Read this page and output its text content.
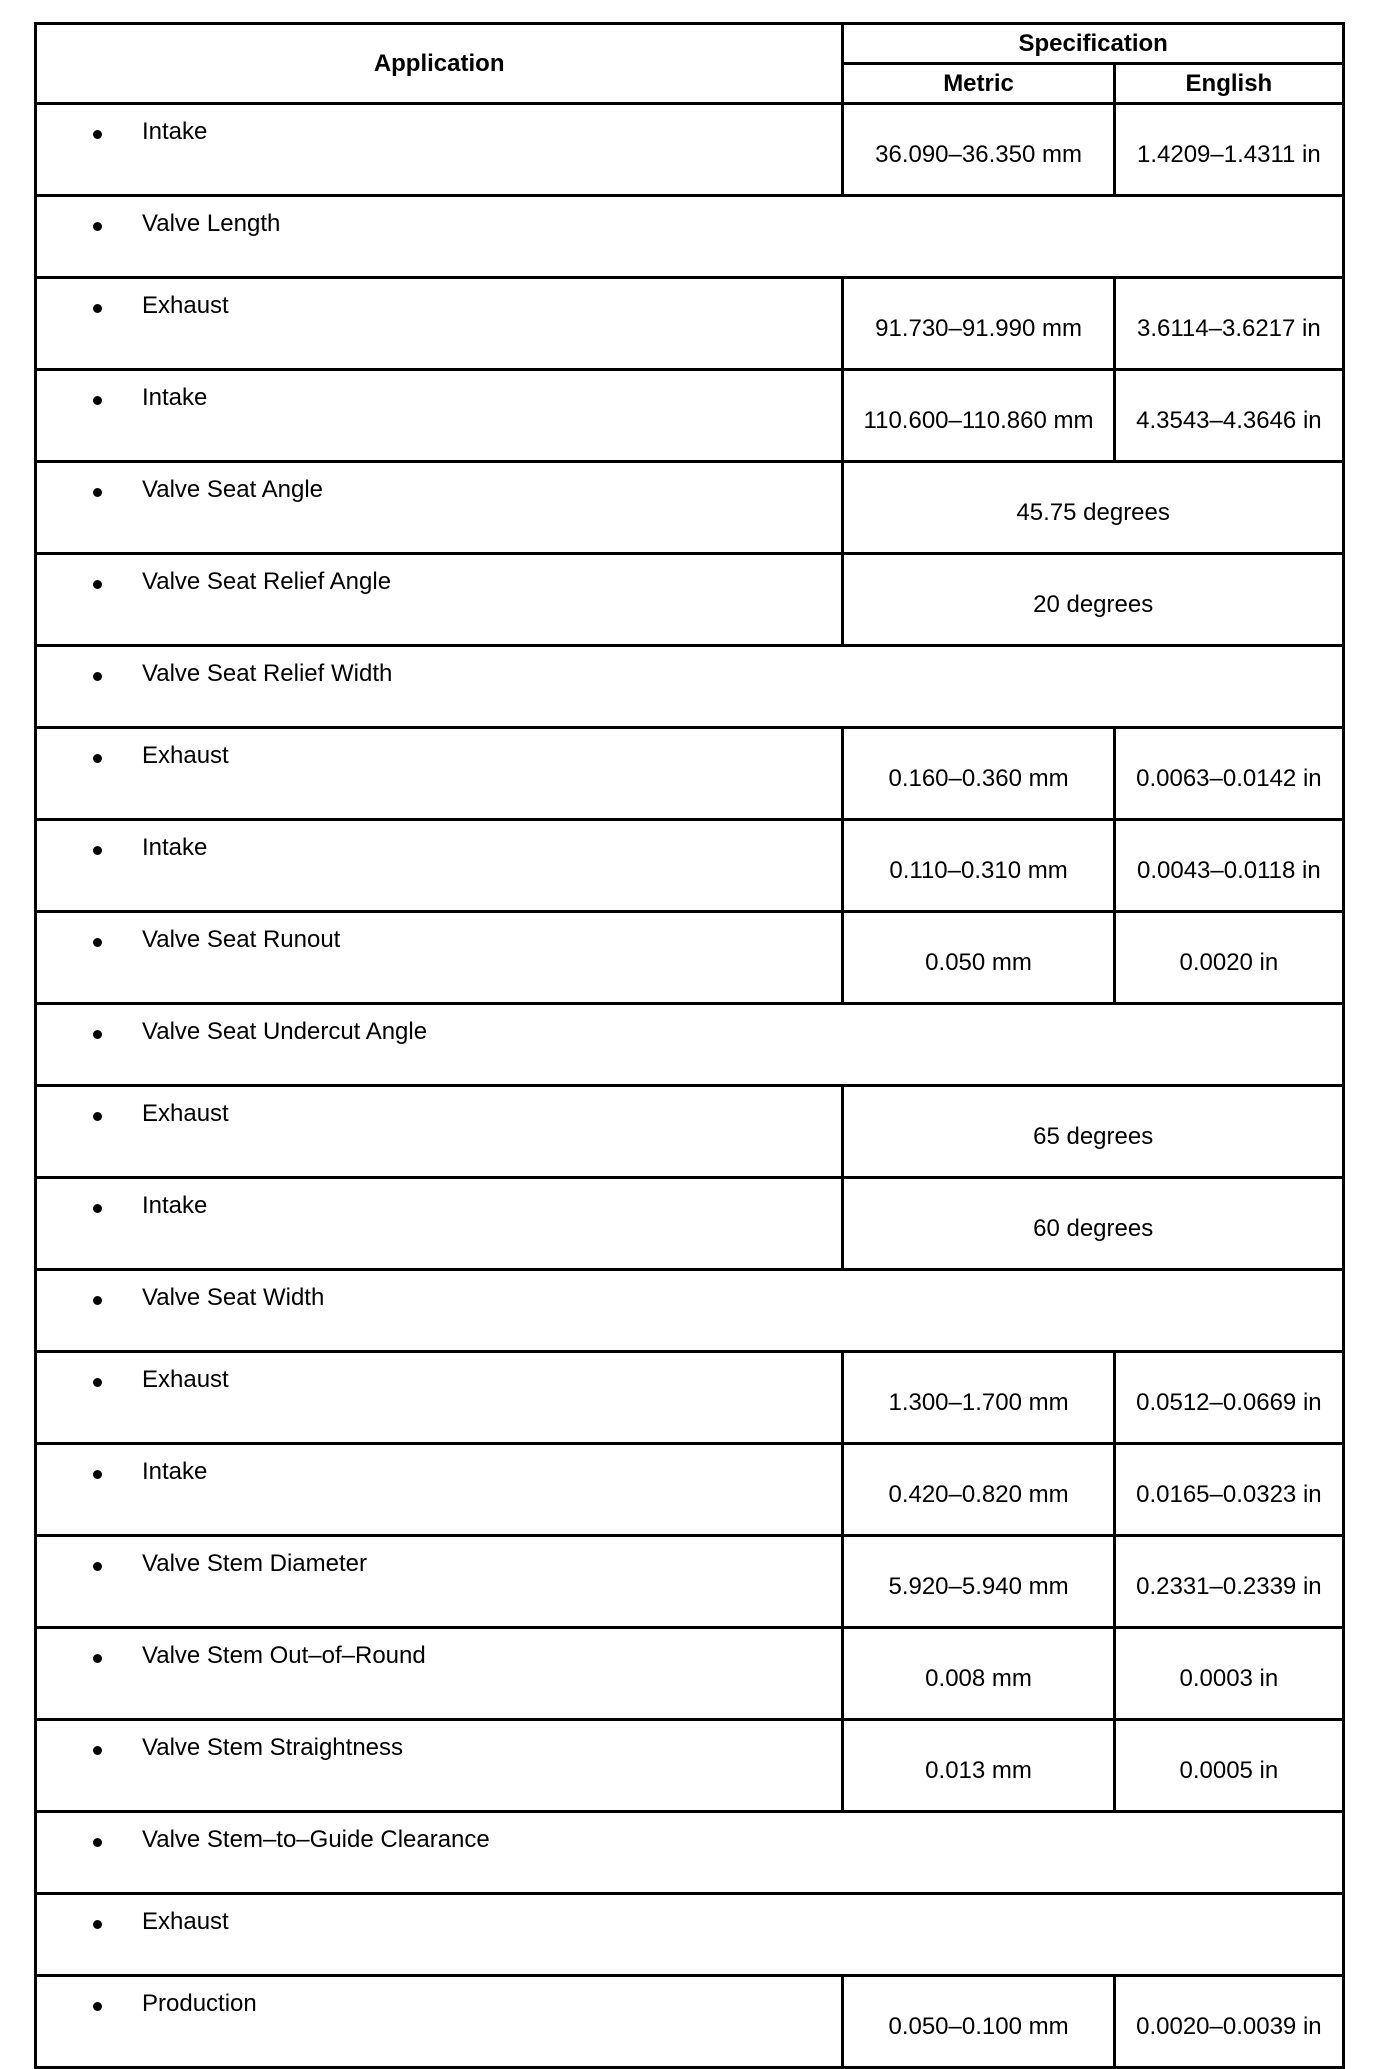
Application	Specification	
	Metric	English

Intake	36.090–36.350 mm	1.4209–1.4311 in

Valve Length		

Exhaust	91.730–91.990 mm	3.6114–3.6217 in

Intake	110.600–110.860 mm	4.3543–4.3646 in

Valve Seat Angle	45.75 degrees	

Valve Seat Relief Angle	20 degrees	

Valve Seat Relief Width		

Exhaust	0.160–0.360 mm	0.0063–0.0142 in

Intake	0.110–0.310 mm	0.0043–0.0118 in

Valve Seat Runout	0.050 mm	0.0020 in

Valve Seat Undercut Angle		

Exhaust	65 degrees	

Intake	60 degrees	

Valve Seat Width		

Exhaust	1.300–1.700 mm	0.0512–0.0669 in

Intake	0.420–0.820 mm	0.0165–0.0323 in

Valve Stem Diameter	5.920–5.940 mm	0.2331–0.2339 in

Valve Stem Out–of–Round	0.008 mm	0.0003 in

Valve Stem Straightness	0.013 mm	0.0005 in

Valve Stem–to–Guide Clearance		

Exhaust		

Production	0.050–0.100 mm	0.0020–0.0039 in
